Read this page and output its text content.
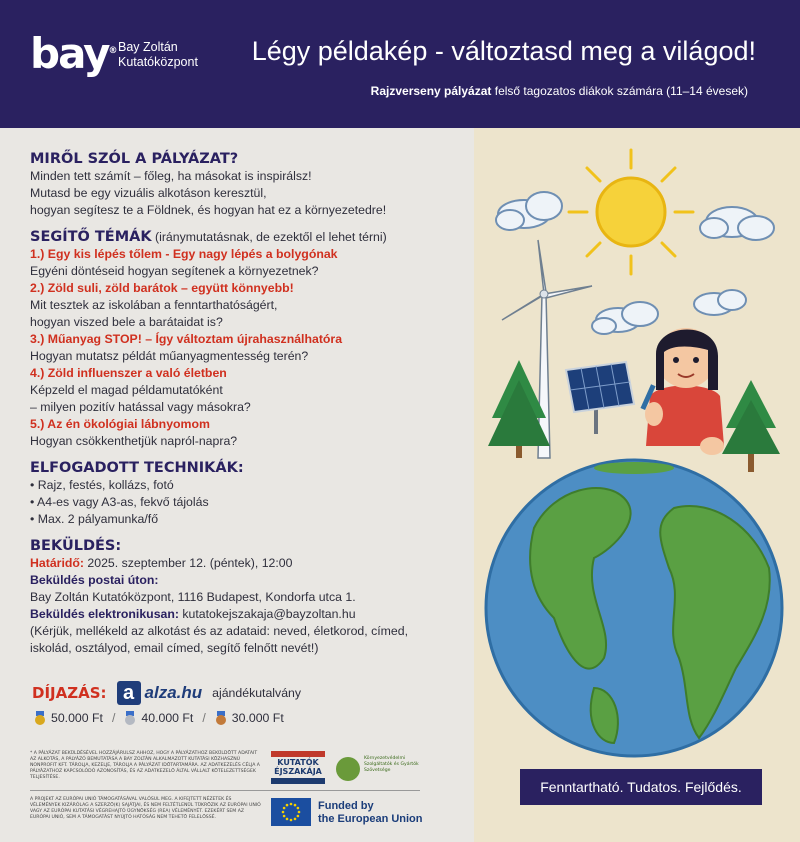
bay® Bay Zoltán
Kutatóközpont Légy példakép - változtasd meg a világod!
Rajzverseny pályázat felső tagozatos diákok számára (11–14 évesek)
MIRŐL SZÓL A PÁLYÁZAT?
Minden tett számít – főleg, ha másokat is inspirálsz!
Mutasd be egy vizuális alkotáson keresztül,
hogyan segítesz te a Földnek, és hogyan hat ez a környezetedre!
SEGÍTŐ TÉMÁK (iránymutatásnak, de ezektől el lehet térni)
1.) Egy kis lépés tőlem - Egy nagy lépés a bolygónak
Egyéni döntéseid hogyan segítenek a környezetnek?
2.) Zöld suli, zöld barátok – együtt könnyebb!
Mit tesztek az iskolában a fenntarthatóságért,
hogyan viszed bele a barátaidat is?
3.) Műanyag STOP! – Így változtam újrahasználhatóra
Hogyan mutatsz példát műanyagmentesség terén?
4.) Zöld influenszer a való életben
Képzeld el magad példamutatóként
– milyen pozitív hatással vagy másokra?
5.) Az én ökológiai lábnyomom
Hogyan csökkenthetjük napról-napra?
ELFOGADOTT TECHNIKÁK:
• Rajz, festés, kollázs, fotó
• A4-es vagy A3-as, fekvő tájolás
• Max. 2 pályamunka/fő
BEKÜLDÉS:
Határidő: 2025. szeptember 12. (péntek), 12:00
Beküldés postai úton:
Bay Zoltán Kutatóközpont, 1116 Budapest, Kondorfa utca 1.
Beküldés elektronikusan: kutatokejszakaja@bayzoltan.hu
(Kérjük, mellékeld az alkotást és az adataid: neved, életkorod, címed,
iskolád, osztályod, email címed, segítő felnőtt nevét!)
DÍJAZÁS: a alza.hu ajándékutalvány
50.000 Ft / 40.000 Ft / 30.000 Ft
* A PÁLYÁZAT BEKÜLDÉSÉVEL HOZZÁJÁRULSZ AHHOZ, HOGY A PÁLYÁZATHOZ BEKÜLDÖTT ADATAIT AZ ALKOTÁS, A PÁLYÁZÓ BEMUTATÁSA A BAY ZOLTÁN ALKALMAZOTT KUTATÁSI KÖZHASZNÚ NONPROFIT KFT. TÁROLJA, KEZELJE, TÁROLJA A PÁLYÁZAT IDŐTARTAMÁRA. AZ ADATKEZELÉS CÉLJA A PÁLYÁZATHOZ KAPCSOLÓDÓ AZONOSÍTÁS, ÉS AZ ADATKEZELŐ ÁLTAL VÁLLALT KÖTELEZETTSÉGEK TELJESÍTÉSE.
A PROJEKT AZ EURÓPAI UNIÓ TÁMOGATÁSÁVAL VALÓSUL MEG. A KIFEJTETT NÉZETEK ÉS VÉLEMÉNYEK KIZÁRÓLAG A SZERZŐ(K) SAJÁTJAI, ÉS NEM FELTÉTLENÜL TÜKRÖZIK AZ EURÓPAI UNIÓ VAGY AZ EURÓPAI KUTATÁSI VÉGREHAJTÓ ÜGYNÖKSÉG (REA) VÉLEMÉNYÉT. EZEKÉRT SEM AZ EURÓPAI UNIÓ, SEM A TÁMOGATÁST NYÚJTÓ HATÓSÁG NEM TEHETŐ FELELŐSSÉ.
KUTATÓK
ÉJSZAKÁJA
Környezetvédelmi Szolgáltatók és Gyártók Szövetsége
Funded by
the European Union
Fenntartható. Tudatos. Fejlődés.
